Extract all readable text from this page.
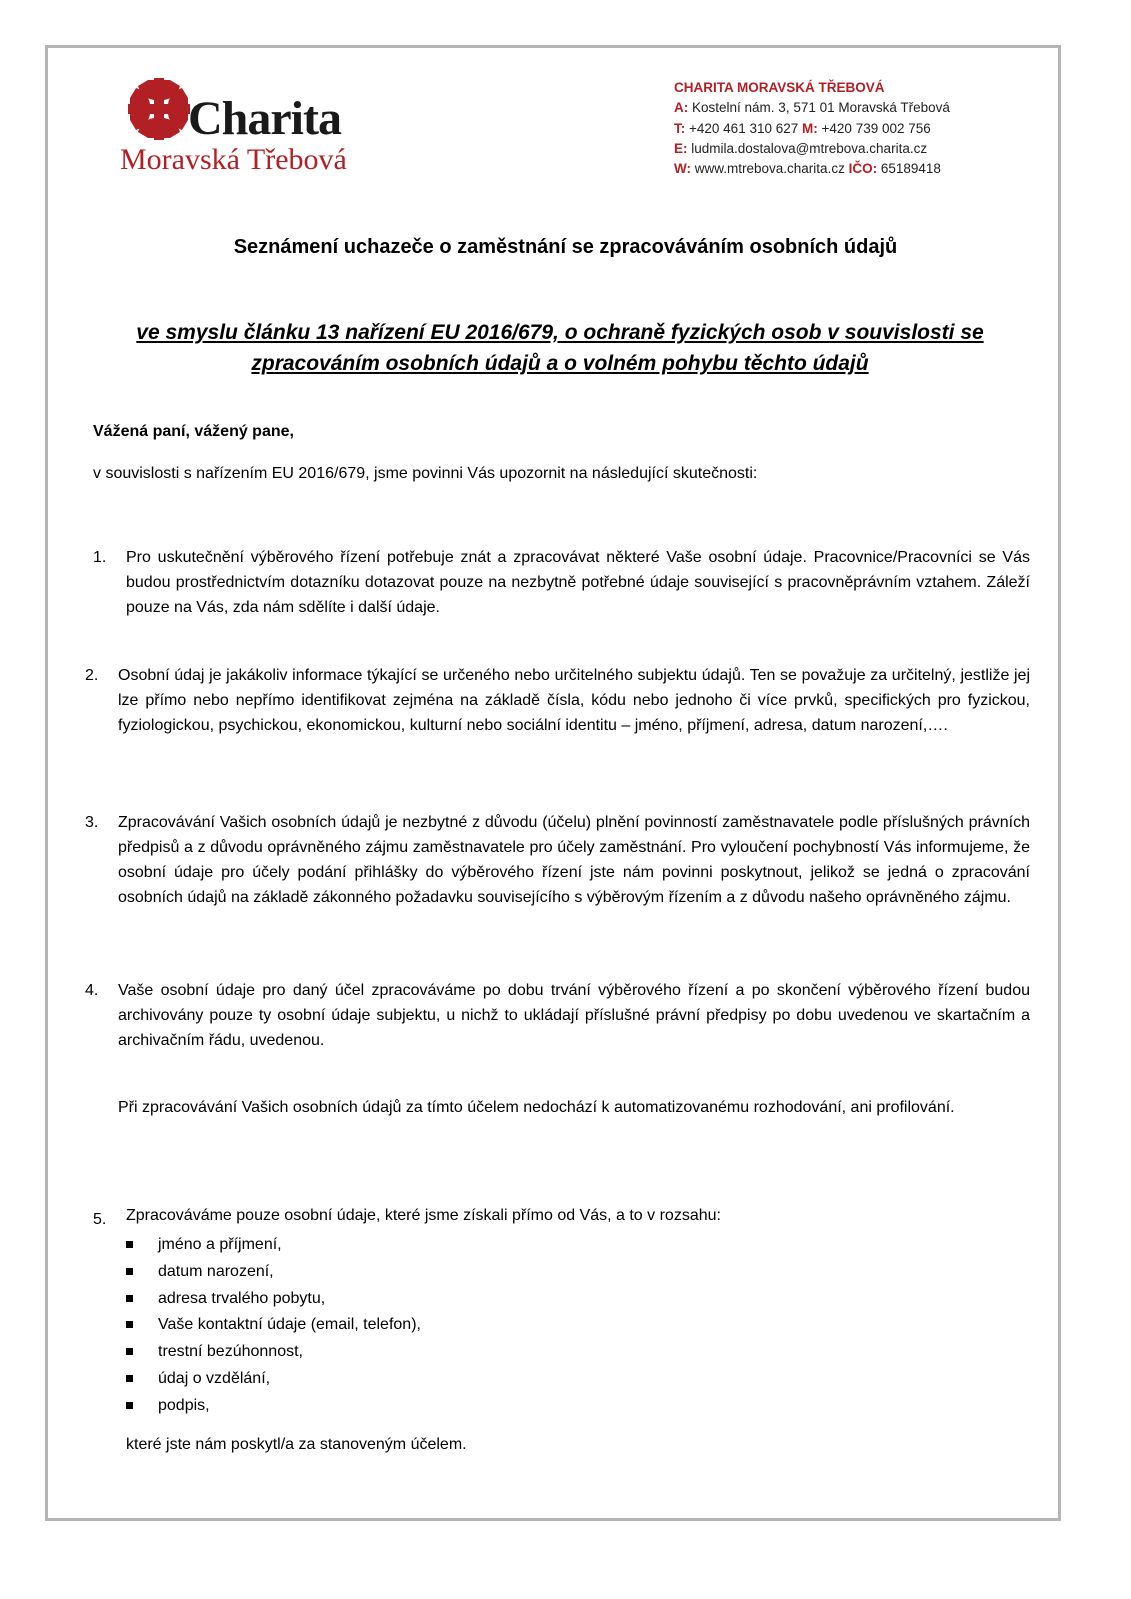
Charita
Moravská Třebová
CHARITA MORAVSKÁ TŘEBOVÁ
A: Kostelní nám. 3, 571 01 Moravská Třebová
T: +420 461 310 627 M: +420 739 002 756
E: ludmila.dostalova@mtrebova.charita.cz
W: www.mtrebova.charita.cz IČO: 65189418
Seznámení uchazeče o zaměstnání se zpracováváním osobních údajů
ve smyslu článku 13 nařízení EU 2016/679, o ochraně fyzických osob v souvislosti se zpracováním osobních údajů a o volném pohybu těchto údajů
Vážená paní, vážený pane,
v souvislosti s nařízením EU 2016/679, jsme povinni Vás upozornit na následující skutečnosti:
1. Pro uskutečnění výběrového řízení potřebuje znát a zpracovávat některé Vaše osobní údaje. Pracovnice/Pracovníci se Vás budou prostřednictvím dotazníku dotazovat pouze na nezbytně potřebné údaje související s pracovněprávním vztahem. Záleží pouze na Vás, zda nám sdělíte i další údaje.
2. Osobní údaj je jakákoliv informace týkající se určeného nebo určitelného subjektu údajů. Ten se považuje za určitelný, jestliže jej lze přímo nebo nepřímo identifikovat zejména na základě čísla, kódu nebo jednoho či více prvků, specifických pro fyzickou, fyziologickou, psychickou, ekonomickou, kulturní nebo sociální identitu – jméno, příjmení, adresa, datum narození,….
3. Zpracovávání Vašich osobních údajů je nezbytné z důvodu (účelu) plnění povinností zaměstnavatele podle příslušných právních předpisů a z důvodu oprávněného zájmu zaměstnavatele pro účely zaměstnání. Pro vyloučení pochybností Vás informujeme, že osobní údaje pro účely podání přihlášky do výběrového řízení jste nám povinni poskytnout, jelikož se jedná o zpracování osobních údajů na základě zákonného požadavku souvisejícího s výběrovým řízením a z důvodu našeho oprávněného zájmu.
4. Vaše osobní údaje pro daný účel zpracováváme po dobu trvání výběrového řízení a po skončení výběrového řízení budou archivovány pouze ty osobní údaje subjektu, u nichž to ukládají příslušné právní předpisy po dobu uvedenou ve skartačním a archivačním řádu, uvedenou.
Při zpracovávání Vašich osobních údajů za tímto účelem nedochází k automatizovanému rozhodování, ani profilování.
5. Zpracováváme pouze osobní údaje, které jsme získali přímo od Vás, a to v rozsahu:
jméno a příjmení,
datum narození,
adresa trvalého pobytu,
Vaše kontaktní údaje (email, telefon),
trestní bezúhonnost,
údaj o vzdělání,
podpis,
které jste nám poskytl/a za stanoveným účelem.
